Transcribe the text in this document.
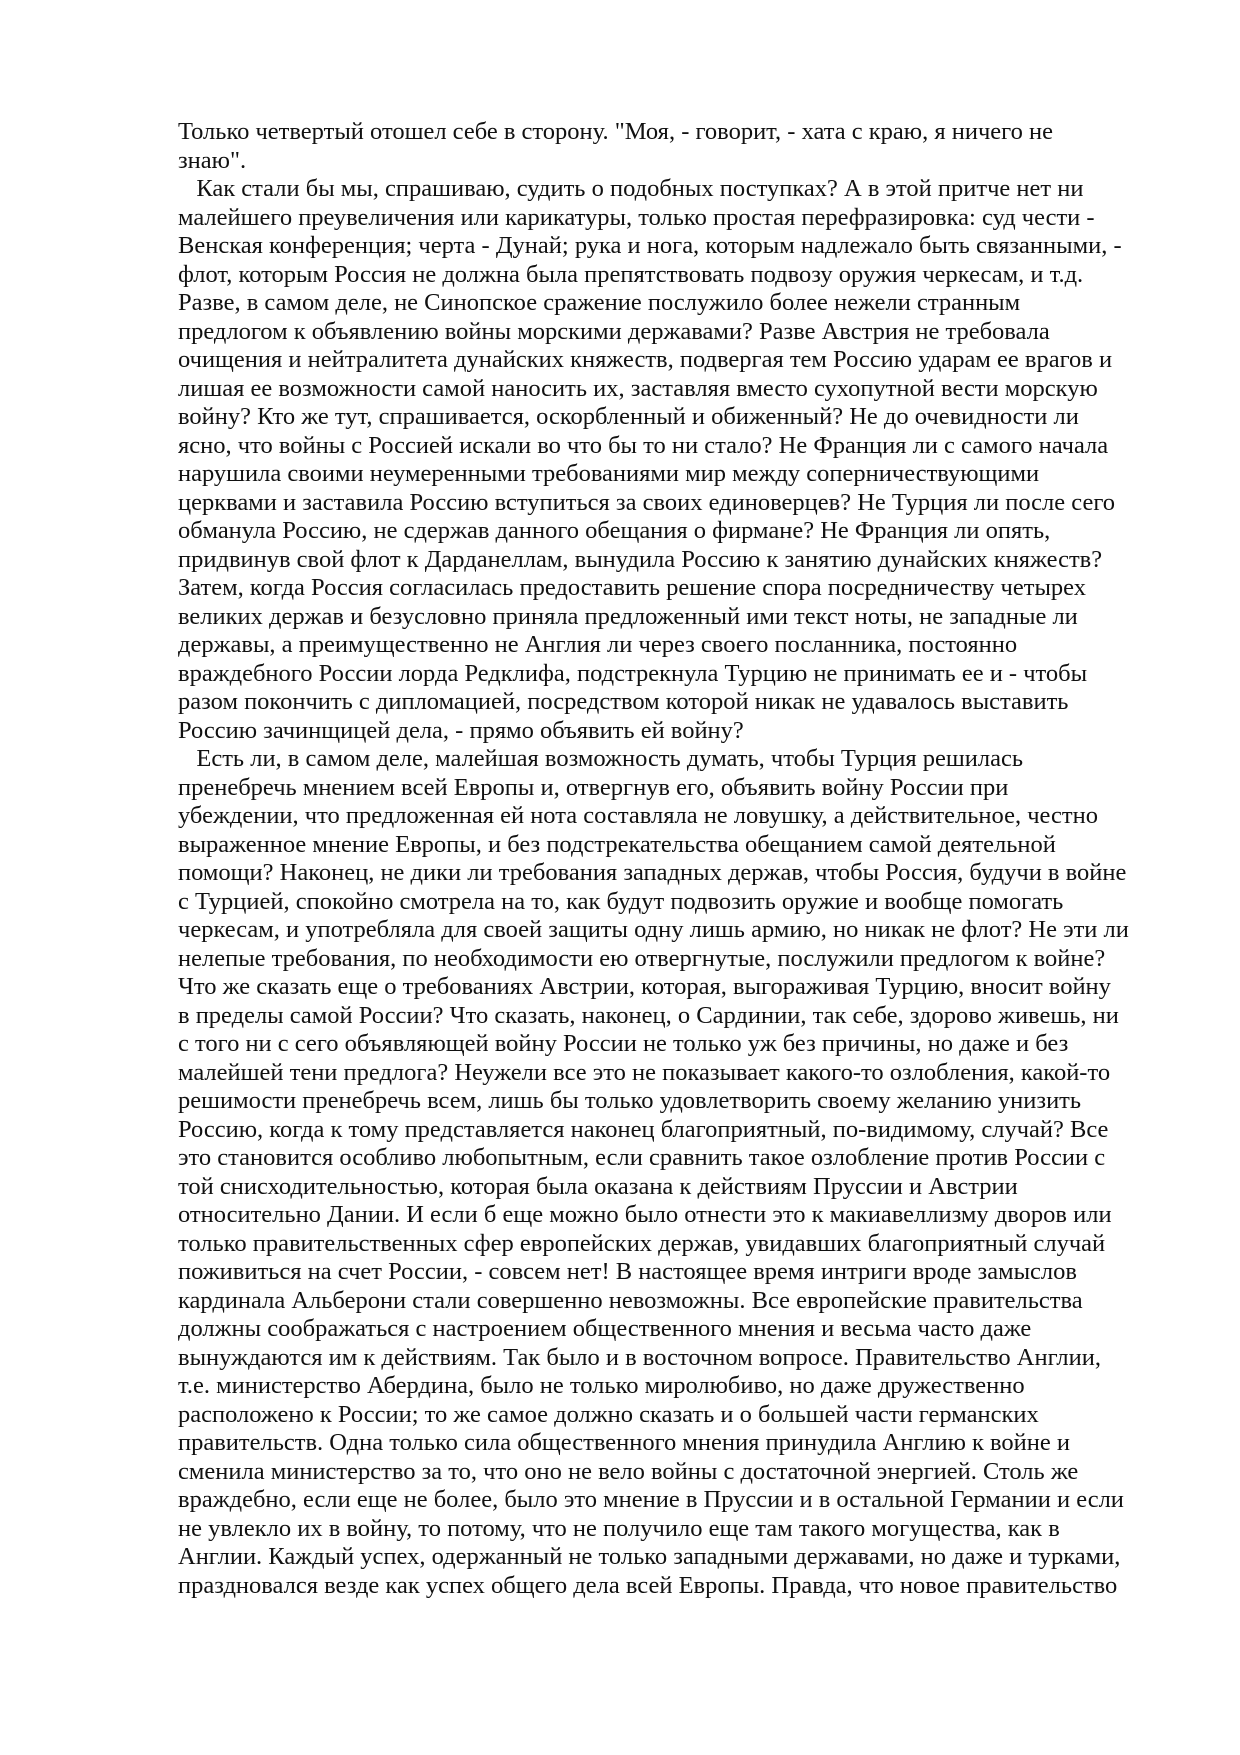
Только четвертый отошел себе в сторону. "Моя, - говорит, - хата с краю, я ничего не
знаю".
Как стали бы мы, спрашиваю, судить о подобных поступках? А в этой притче нет ни
малейшего преувеличения или карикатуры, только простая перефразировка: суд чести -
Венская конференция; черта - Дунай; рука и нога, которым надлежало быть связанными, -
флот, которым Россия не должна была препятствовать подвозу оружия черкесам, и т.д.
Разве, в самом деле, не Синопское сражение послужило более нежели странным
предлогом к объявлению войны морскими державами? Разве Австрия не требовала
очищения и нейтралитета дунайских княжеств, подвергая тем Россию ударам ее врагов и
лишая ее возможности самой наносить их, заставляя вместо сухопутной вести морскую
войну? Кто же тут, спрашивается, оскорбленный и обиженный? Не до очевидности ли
ясно, что войны с Россией искали во что бы то ни стало? Не Франция ли с самого начала
нарушила своими неумеренными требованиями мир между соперничествующими
церквами и заставила Россию вступиться за своих единоверцев? Не Турция ли после сего
обманула Россию, не сдержав данного обещания о фирмане? Не Франция ли опять,
придвинув свой флот к Дарданеллам, вынудила Россию к занятию дунайских княжеств?
Затем, когда Россия согласилась предоставить решение спора посредничеству четырех
великих держав и безусловно приняла предложенный ими текст ноты, не западные ли
державы, а преимущественно не Англия ли через своего посланника, постоянно
враждебного России лорда Редклифа, подстрекнула Турцию не принимать ее и - чтобы
разом покончить с дипломацией, посредством которой никак не удавалось выставить
Россию зачинщицей дела, - прямо объявить ей войну?
Есть ли, в самом деле, малейшая возможность думать, чтобы Турция решилась
пренебречь мнением всей Европы и, отвергнув его, объявить войну России при
убеждении, что предложенная ей нота составляла не ловушку, а действительное, честно
выраженное мнение Европы, и без подстрекательства обещанием самой деятельной
помощи? Наконец, не дики ли требования западных держав, чтобы Россия, будучи в войне
с Турцией, спокойно смотрела на то, как будут подвозить оружие и вообще помогать
черкесам, и употребляла для своей защиты одну лишь армию, но никак не флот? Не эти ли
нелепые требования, по необходимости ею отвергнутые, послужили предлогом к войне?
Что же сказать еще о требованиях Австрии, которая, выгораживая Турцию, вносит войну
в пределы самой России? Что сказать, наконец, о Сардинии, так себе, здорово живешь, ни
с того ни с сего объявляющей войну России не только уж без причины, но даже и без
малейшей тени предлога? Неужели все это не показывает какого-то озлобления, какой-то
решимости пренебречь всем, лишь бы только удовлетворить своему желанию унизить
Россию, когда к тому представляется наконец благоприятный, по-видимому, случай? Все
это становится особливо любопытным, если сравнить такое озлобление против России с
той снисходительностью, которая была оказана к действиям Пруссии и Австрии
относительно Дании. И если б еще можно было отнести это к макиавеллизму дворов или
только правительственных сфер европейских держав, увидавших благоприятный случай
поживиться на счет России, - совсем нет! В настоящее время интриги вроде замыслов
кардинала Альберони стали совершенно невозможны. Все европейские правительства
должны соображаться с настроением общественного мнения и весьма часто даже
вынуждаются им к действиям. Так было и в восточном вопросе. Правительство Англии,
т.е. министерство Абердина, было не только миролюбиво, но даже дружественно
расположено к России; то же самое должно сказать и о большей части германских
правительств. Одна только сила общественного мнения принудила Англию к войне и
сменила министерство за то, что оно не вело войны с достаточной энергией. Столь же
враждебно, если еще не более, было это мнение в Пруссии и в остальной Германии и если
не увлекло их в войну, то потому, что не получило еще там такого могущества, как в
Англии. Каждый успех, одержанный не только западными державами, но даже и турками,
праздновался везде как успех общего дела всей Европы. Правда, что новое правительство
